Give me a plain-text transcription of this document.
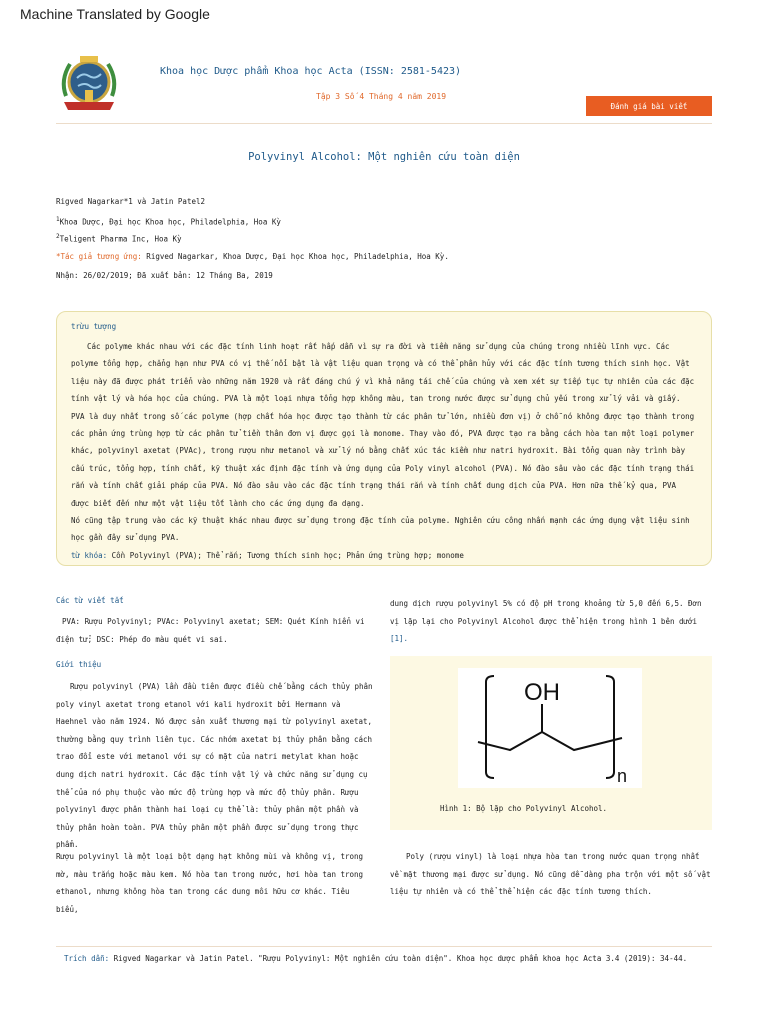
Machine Translated by Google
Khoa học Dược phẩm Khoa học Acta (ISSN: 2581-5423)
Tập 3 Số 4 Tháng 4 năm 2019
Đánh giá bài viết
Polyvinyl Alcohol: Một nghiên cứu toàn diện
Rigved Nagarkar*1 và Jatin Patel2
$^1$Khoa Dược, Đại học Khoa học, Philadelphia, Hoa Kỳ
$^2$Teligent Pharma Inc, Hoa Kỳ
*Tác giả tương ứng: Rigved Nagarkar, Khoa Dược, Đại học Khoa học, Philadelphia, Hoa Kỳ.
Nhận: 26/02/2019; Đã xuất bản: 12 Tháng Ba, 2019
trừu tượng

Các polyme khác nhau với các đặc tính linh hoạt rất hấp dẫn vì sự ra đời và tiềm năng sử dụng của chúng trong nhiều lĩnh vực. Các polyme tổng hợp, chẳng hạn như PVA có vị thế nổi bật là vật liệu quan trọng và có thể phân hủy với các đặc tính tương thích sinh học. Vật liệu này đã được phát triển vào những năm 1920 và rất đáng chú ý vì khả năng tái chế của chúng và xem xét sự tiếp tục tự nhiên của các đặc tính vật lý và hóa học của chúng. PVA là một loại nhựa tổng hợp không màu, tan trong nước được sử dụng chủ yếu trong xử lý vải và giấy. PVA là duy nhất trong số các polyme (hợp chất hóa học được tạo thành từ các phân tử lớn, nhiều đơn vị) ở chỗ nó không được tạo thành trong các phản ứng trùng hợp từ các phân tử tiền thân đơn vị được gọi là monome. Thay vào đó, PVA được tạo ra bằng cách hòa tan một loại polymer khác, polyvinyl axetat (PVAc), trong rượu như metanol và xử lý nó bằng chất xúc tác kiềm như natri hydroxit. Bài tổng quan này trình bày cấu trúc, tổng hợp, tính chất, kỹ thuật xác định đặc tính và ứng dụng của Poly vinyl alcohol (PVA). Nó đào sâu vào các đặc tính trạng thái rắn và tính chất giải pháp của PVA. Nó đào sâu vào các đặc tính trạng thái rắn và tính chất dung dịch của PVA. Hơn nữa thế kỷ qua, PVA được biết đến như một vật liệu tốt lành cho các ứng dụng đa dạng.

Nó cũng tập trung vào các kỹ thuật khác nhau được sử dụng trong đặc tính của polyme. Nghiên cứu công nhấn mạnh các ứng dụng vật liệu sinh học gần đây sử dụng PVA.

từ khóa: Cồn Polyvinyl (PVA); Thể rắn; Tương thích sinh học; Phản ứng trùng hợp; monome

Các từ viết tắt
PVA: Rượu Polyvinyl; PVAc: Polyvinyl axetat; SEM: Quét Kính hiển vi điện tử; DSC: Phép đo màu quét vi sai.
Giới thiệu
Rượu polyvinyl (PVA) lần đầu tiên được điều chế bằng cách thủy phân poly vinyl axetat trong etanol với kali hydroxit bởi Hermann và Haehnel vào năm 1924. Nó được sản xuất thương mại từ polyvinyl axetat, thường bằng quy trình liên tục. Các nhóm axetat bị thủy phân bằng cách trao đổi este với metanol với sự có mặt của natri metylat khan hoặc dung dịch natri hydroxit. Các đặc tính vật lý và chức năng sử dụng cụ thể của nó phụ thuộc vào mức độ trùng hợp và mức độ thủy phân. Rượu polyvinyl được phân thành hai loại cụ thể là: thủy phân một phần và thủy phân hoàn toàn. PVA thủy phân một phần được sử dụng trong thực phẩm.
Rượu polyvinyl là một loại bột dạng hạt không mùi và không vị, trong mờ, màu trắng hoặc màu kem. Nó hòa tan trong nước, hơi hòa tan trong ethanol, nhưng không hòa tan trong các dung môi hữu cơ khác. Tiêu biểu,
dung dịch rượu polyvinyl 5% có độ pH trong khoảng từ 5,0 đến 6,5. Đơn vị lặp lại cho Polyvinyl Alcohol được thể hiện trong hình 1 bên dưới [1].
OH
n
Hình 1: Bộ lặp cho Polyvinyl Alcohol.
Poly (rượu vinyl) là loại nhựa hòa tan trong nước quan trọng nhất về mặt thương mại được sử dụng. Nó cũng dễ dàng pha trộn với một số vật liệu tự nhiên và có thể thể hiện các đặc tính tương thích.
Trích dẫn: Rigved Nagarkar và Jatin Patel. "Rượu Polyvinyl: Một nghiên cứu toàn diện". Khoa học dược phẩm khoa học Acta 3.4 (2019): 34-44.
